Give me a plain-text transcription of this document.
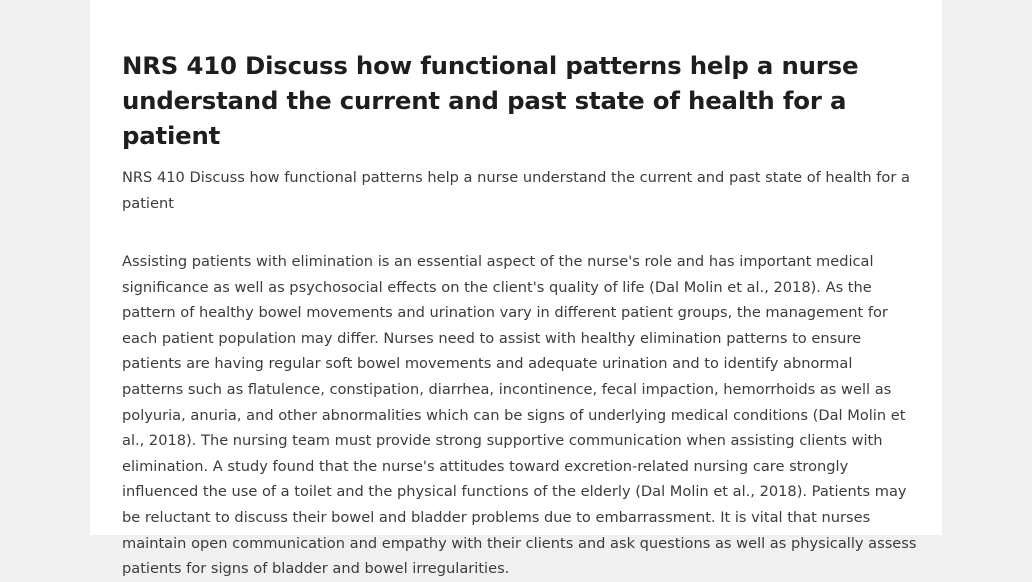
NRS 410 Discuss how functional patterns help a nurse understand the current and past state of health for a patient

NRS 410 Discuss how functional patterns help a nurse understand the current and past state of health for a patient

Assisting patients with elimination is an essential aspect of the nurse's role and has important medical significance as well as psychosocial effects on the client's quality of life (Dal Molin et al., 2018). As the pattern of healthy bowel movements and urination vary in different patient groups, the management for each patient population may differ. Nurses need to assist with healthy elimination patterns to ensure patients are having regular soft bowel movements and adequate urination and to identify abnormal patterns such as flatulence, constipation, diarrhea, incontinence, fecal impaction, hemorrhoids as well as polyuria, anuria, and other abnormalities which can be signs of underlying medical conditions (Dal Molin et al., 2018). The nursing team must provide strong supportive communication when assisting clients with elimination. A study found that the nurse's attitudes toward excretion-related nursing care strongly influenced the use of a toilet and the physical functions of the elderly (Dal Molin et al., 2018). Patients may be reluctant to discuss their bowel and bladder problems due to embarrassment. It is vital that nurses maintain open communication and empathy with their clients and ask questions as well as physically assess patients for signs of bladder and bowel irregularities.
